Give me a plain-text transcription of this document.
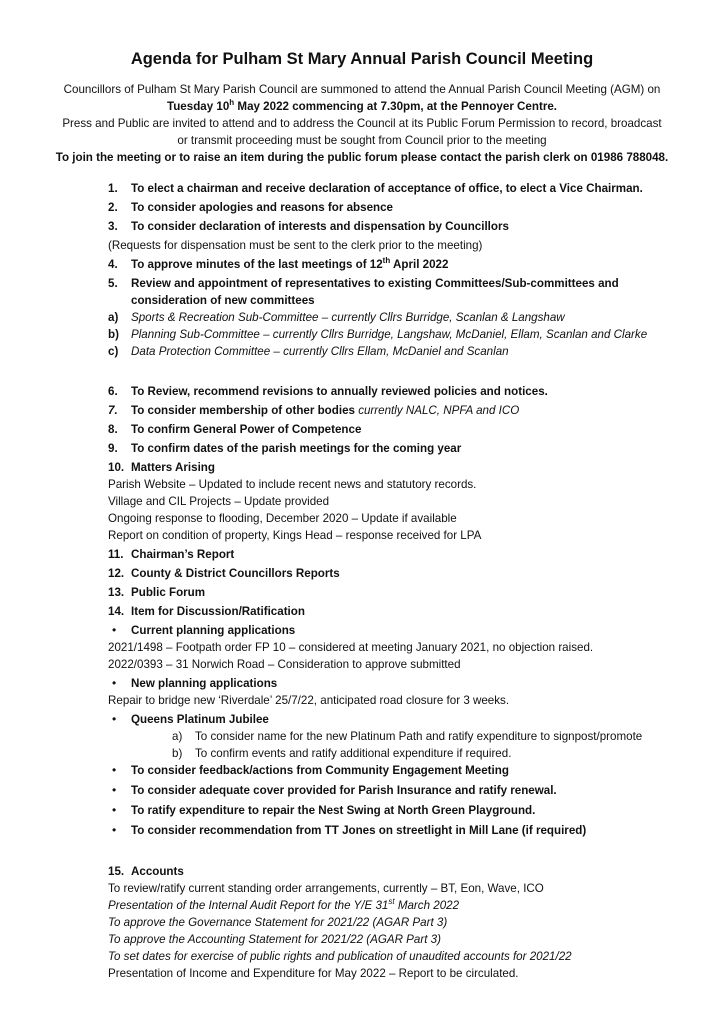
Agenda for Pulham St Mary Annual Parish Council Meeting
Councillors of Pulham St Mary Parish Council are summoned to attend the Annual Parish Council Meeting (AGM) on
Tuesday 10$^h$ May 2022 commencing at 7.30pm, at the Pennoyer Centre.
Press and Public are invited to attend and to address the Council at its Public Forum Permission to record, broadcast
or transmit proceeding must be sought from Council prior to the meeting
To join the meeting or to raise an item during the public forum please contact the parish clerk on 01986 788048.
1. To elect a chairman and receive declaration of acceptance of office, to elect a Vice Chairman.
2. To consider apologies and reasons for absence
3. To consider declaration of interests and dispensation by Councillors
(Requests for dispensation must be sent to the clerk prior to the meeting)
4. To approve minutes of the last meetings of 12th April 2022
5. Review and appointment of representatives to existing Committees/Sub-committees and
consideration of new committees
a) Sports & Recreation Sub-Committee – currently Cllrs Burridge, Scanlan & Langshaw
b) Planning Sub-Committee – currently Cllrs Burridge, Langshaw, McDaniel, Ellam, Scanlan and Clarke
c) Data Protection Committee – currently Cllrs Ellam, McDaniel and Scanlan
6. To Review, recommend revisions to annually reviewed policies and notices.
7. To consider membership of other bodies currently NALC, NPFA and ICO
8. To confirm General Power of Competence
9. To confirm dates of the parish meetings for the coming year
10. Matters Arising
Parish Website – Updated to include recent news and statutory records.
Village and CIL Projects – Update provided
Ongoing response to flooding, December 2020 – Update if available
Report on condition of property, Kings Head – response received for LPA
11. Chairman’s Report
12. County & District Councillors Reports
13. Public Forum
14. Item for Discussion/Ratification
• Current planning applications
2021/1498 – Footpath order FP 10 – considered at meeting January 2021, no objection raised.
2022/0393 – 31 Norwich Road – Consideration to approve submitted
• New planning applications
Repair to bridge new ‘Riverdale’ 25/7/22, anticipated road closure for 3 weeks.
• Queens Platinum Jubilee
a) To consider name for the new Platinum Path and ratify expenditure to signpost/promote
b) To confirm events and ratify additional expenditure if required.
• To consider feedback/actions from Community Engagement Meeting
• To consider adequate cover provided for Parish Insurance and ratify renewal.
• To ratify expenditure to repair the Nest Swing at North Green Playground.
• To consider recommendation from TT Jones on streetlight in Mill Lane (if required)
15. Accounts
To review/ratify current standing order arrangements, currently – BT, Eon, Wave, ICO
Presentation of the Internal Audit Report for the Y/E 31st March 2022
To approve the Governance Statement for 2021/22 (AGAR Part 3)
To approve the Accounting Statement for 2021/22 (AGAR Part 3)
To set dates for exercise of public rights and publication of unaudited accounts for 2021/22
Presentation of Income and Expenditure for May 2022 – Report to be circulated.
